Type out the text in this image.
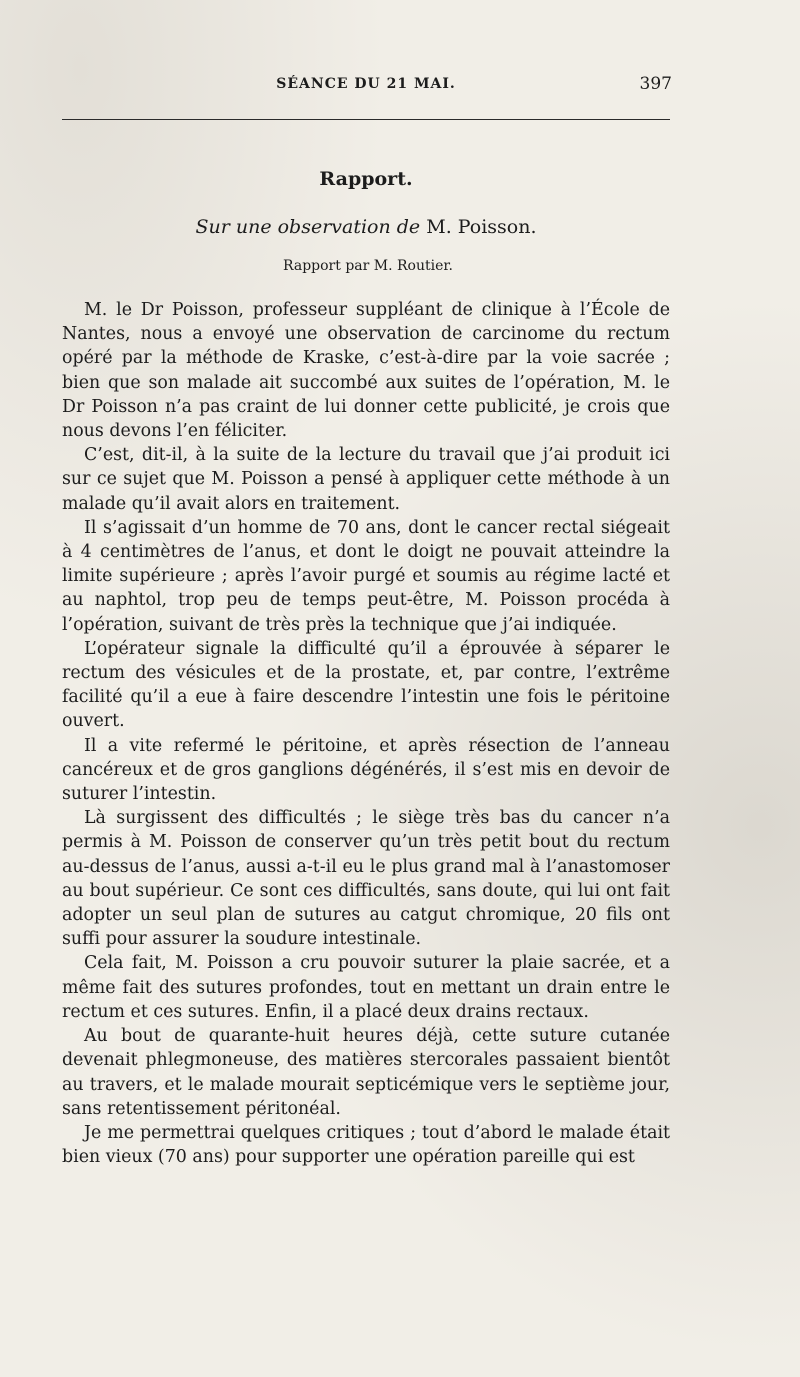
SÉANCE DU 21 MAI.	397
Rapport.
Sur une observation de M. Poisson.
Rapport par M. Routier.

M. le Dr Poisson, professeur suppléant de clinique à l’École de Nantes, nous a envoyé une observation de carcinome du rectum opéré par la méthode de Kraske, c’est-à-dire par la voie sacrée ; bien que son malade ait succombé aux suites de l’opération, M. le Dr Poisson n’a pas craint de lui donner cette publicité, je crois que nous devons l’en féliciter.

C’est, dit-il, à la suite de la lecture du travail que j’ai produit ici sur ce sujet que M. Poisson a pensé à appliquer cette méthode à un malade qu’il avait alors en traitement.

Il s’agissait d’un homme de 70 ans, dont le cancer rectal siégeait à 4 centimètres de l’anus, et dont le doigt ne pouvait atteindre la limite supérieure ; après l’avoir purgé et soumis au régime lacté et au naphtol, trop peu de temps peut-être, M. Poisson procéda à l’opération, suivant de très près la technique que j’ai indiquée.

L’opérateur signale la difficulté qu’il a éprouvée à séparer le rectum des vésicules et de la prostate, et, par contre, l’extrême facilité qu’il a eue à faire descendre l’intestin une fois le péritoine ouvert.

Il a vite refermé le péritoine, et après résection de l’anneau cancéreux et de gros ganglions dégénérés, il s’est mis en devoir de suturer l’intestin.

Là surgissent des difficultés ; le siège très bas du cancer n’a permis à M. Poisson de conserver qu’un très petit bout du rectum au-dessus de l’anus, aussi a-t-il eu le plus grand mal à l’anastomoser au bout supérieur. Ce sont ces difficultés, sans doute, qui lui ont fait adopter un seul plan de sutures au catgut chromique, 20 fils ont suffi pour assurer la soudure intestinale.

Cela fait, M. Poisson a cru pouvoir suturer la plaie sacrée, et a même fait des sutures profondes, tout en mettant un drain entre le rectum et ces sutures. Enfin, il a placé deux drains rectaux.

Au bout de quarante-huit heures déjà, cette suture cutanée devenait phlegmoneuse, des matières stercorales passaient bientôt au travers, et le malade mourait septicémique vers le septième jour, sans retentissement péritonéal.

Je me permettrai quelques critiques ; tout d’abord le malade était bien vieux (70 ans) pour supporter une opération pareille qui est
